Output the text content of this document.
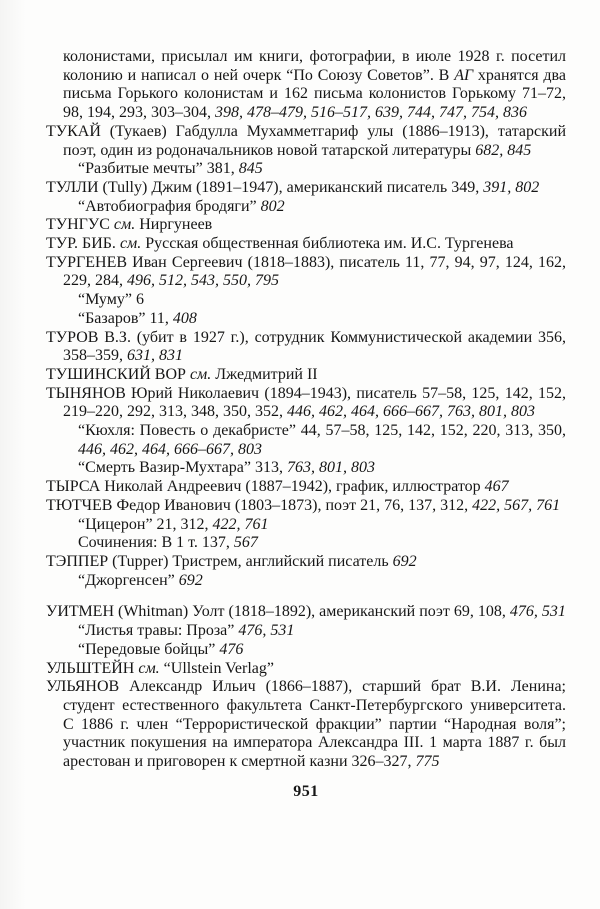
колонистами, присылал им книги, фотографии, в июле 1928 г. посетил колонию и написал о ней очерк “По Союзу Советов”. В АГ хранятся два письма Горького колонистам и 162 письма колонистов Горькому 71–72, 98, 194, 293, 303–304, 398, 478–479, 516–517, 639, 744, 747, 754, 836

ТУКАЙ (Тукаев) Габдулла Мухамметгариф улы (1886–1913), татарский поэт, один из родоначальников новой татарской литературы 682, 845

“Разбитые мечты” 381, 845

ТУЛЛИ (Tully) Джим (1891–1947), американский писатель 349, 391, 802

“Автобиография бродяги” 802

ТУНГУС см. Ниргунеев

ТУР. БИБ. см. Русская общественная библиотека им. И.С. Тургенева

ТУРГЕНЕВ Иван Сергеевич (1818–1883), писатель 11, 77, 94, 97, 124, 162, 229, 284, 496, 512, 543, 550, 795

“Муму” 6

“Базаров” 11, 408

ТУРОВ В.З. (убит в 1927 г.), сотрудник Коммунистической академии 356, 358–359, 631, 831

ТУШИНСКИЙ ВОР см. Лжедмитрий II

ТЫНЯНОВ Юрий Николаевич (1894–1943), писатель 57–58, 125, 142, 152, 219–220, 292, 313, 348, 350, 352, 446, 462, 464, 666–667, 763, 801, 803

“Кюхля: Повесть о декабристе” 44, 57–58, 125, 142, 152, 220, 313, 350, 446, 462, 464, 666–667, 803

“Смерть Вазир-Мухтара” 313, 763, 801, 803

ТЫРСА Николай Андреевич (1887–1942), график, иллюстратор 467

ТЮТЧЕВ Федор Иванович (1803–1873), поэт 21, 76, 137, 312, 422, 567, 761

“Цицерон” 21, 312, 422, 761

Сочинения: В 1 т. 137, 567

ТЭППЕР (Tupper) Тристрем, английский писатель 692

“Джоргенсен” 692

УИТМЕН (Whitman) Уолт (1818–1892), американский поэт 69, 108, 476, 531

“Листья травы: Проза” 476, 531

“Передовые бойцы” 476

УЛЬШТЕЙН см. “Ullstein Verlag”

УЛЬЯНОВ Александр Ильич (1866–1887), старший брат В.И. Ленина; студент естественного факультета Санкт-Петербургского университета. С 1886 г. член “Террористической фракции” партии “Народная воля”; участник покушения на императора Александра III. 1 марта 1887 г. был арестован и приговорен к смертной казни 326–327, 775

951
